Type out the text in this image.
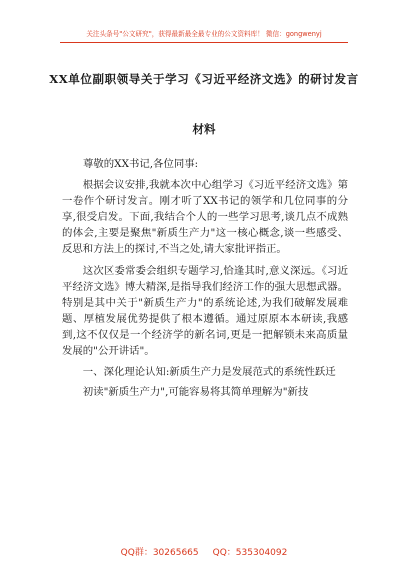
关注头条号"公文研究"，获得最新最全最专业的公文资料库！ 微信：gongwenyj
XX单位副职领导关于学习《习近平经济文选》的研讨发言
材料

尊敬的XX书记,各位同事:

根据会议安排,我就本次中心组学习《习近平经济文选》第一卷作个研讨发言。刚才听了XX书记的领学和几位同事的分享,很受启发。下面,我结合个人的一些学习思考,谈几点不成熟的体会,主要是聚焦"新质生产力"这一核心概念,谈一些感受、反思和方法上的探讨,不当之处,请大家批评指正。

这次区委常委会组织专题学习,恰逢其时,意义深远。《习近平经济文选》博大精深,是指导我们经济工作的强大思想武器。特别是其中关于"新质生产力"的系统论述,为我们破解发展难题、厚植发展优势提供了根本遵循。通过原原本本研读,我感到,这不仅仅是一个经济学的新名词,更是一把解锁未来高质量发展的"公开讲话"。

一、深化理论认知:新质生产力是发展范式的系统性跃迁

初读"新质生产力",可能容易将其简单理解为"新技

QQ群：30265665 QQ：535304092
